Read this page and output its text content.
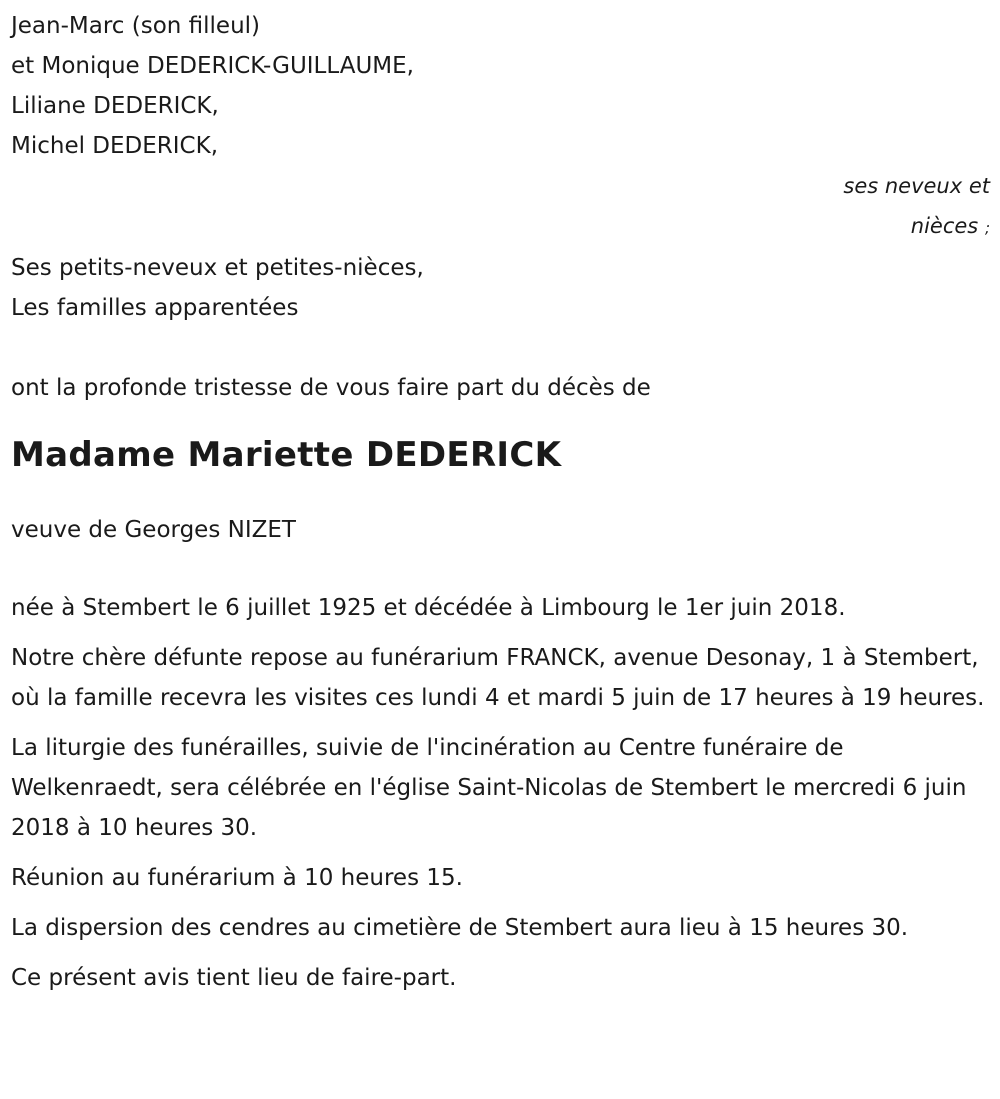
Jean-Marc (son filleul)
et Monique DEDERICK-GUILLAUME,
Liliane DEDERICK,
Michel DEDERICK,
ses neveux et
nièces ;
Ses petits-neveux et petites-nièces,
Les familles apparentées
ont la profonde tristesse de vous faire part du décès de
Madame Mariette DEDERICK
veuve de Georges NIZET

née à Stembert le 6 juillet 1925 et décédée à Limbourg le 1er juin 2018.

Notre chère défunte repose au funérarium FRANCK, avenue Desonay, 1 à Stembert, où la famille recevra les visites ces lundi 4 et mardi 5 juin de 17 heures à 19 heures.

La liturgie des funérailles, suivie de l'incinération au Centre funéraire de Welkenraedt, sera célébrée en l'église Saint-Nicolas de Stembert le mercredi 6 juin 2018 à 10 heures 30.

Réunion au funérarium à 10 heures 15.

La dispersion des cendres au cimetière de Stembert aura lieu à 15 heures 30.

Ce présent avis tient lieu de faire-part.
